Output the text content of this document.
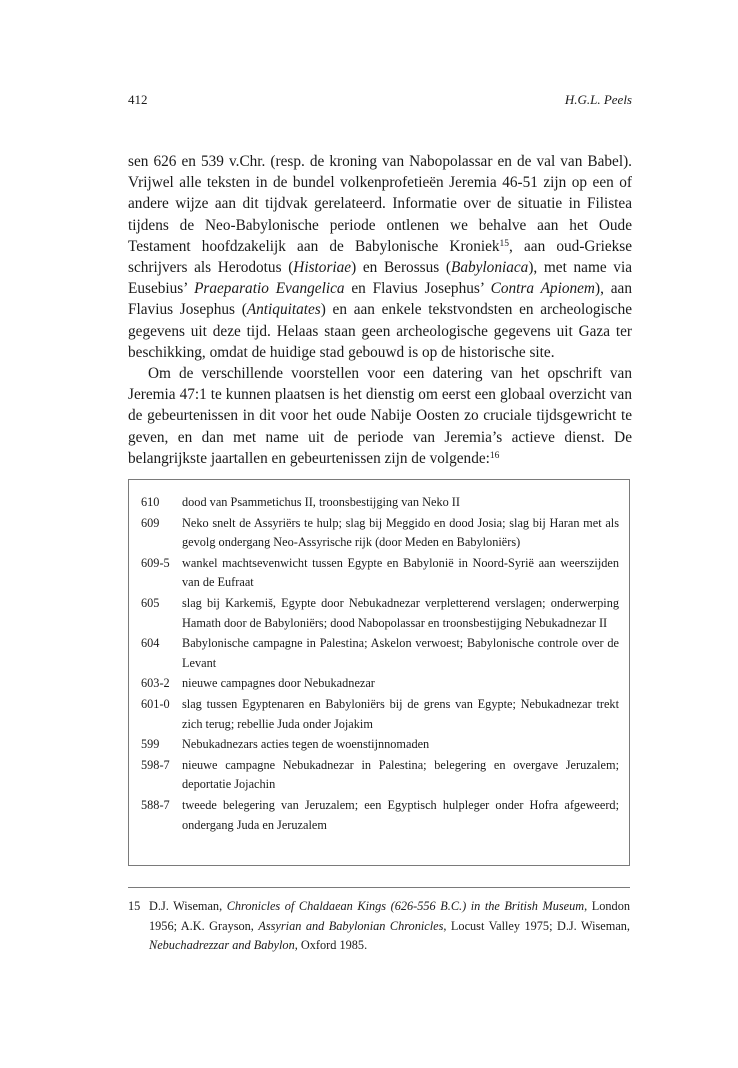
412	H.G.L. Peels

sen 626 en 539 v.Chr. (resp. de kroning van Nabopolassar en de val van Babel). Vrijwel alle teksten in de bundel volkenprofetieën Jeremia 46-51 zijn op een of andere wijze aan dit tijdvak gerelateerd. Informatie over de situatie in Filistea tijdens de Neo-Babylonische periode ontlenen we behalve aan het Oude Testament hoofdzakelijk aan de Babylonische Kroniek$^{15}$, aan oud-Griekse schrijvers als Herodotus (Historiae) en Berossus (Babyloniaca), met name via Eusebius’ Praeparatio Evangelica en Flavius Josephus’ Contra Apionem), aan Flavius Josephus (Antiquitates) en aan enkele tekstvondsten en archeologische gegevens uit deze tijd. Helaas staan geen archeologische gegevens uit Gaza ter beschikking, omdat de huidige stad gebouwd is op de historische site.

Om de verschillende voorstellen voor een datering van het opschrift van Jeremia 47:1 te kunnen plaatsen is het dienstig om eerst een globaal overzicht van de gebeurtenissen in dit voor het oude Nabije Oosten zo cruciale tijdsgewricht te geven, en dan met name uit de periode van Jeremia’s actieve dienst. De belangrijkste jaartallen en gebeurtenissen zijn de volgende:$^{16}$

610	dood van Psammetichus II, troonsbestijging van Neko II
609	Neko snelt de Assyriërs te hulp; slag bij Meggido en dood Josia; slag bij Haran met als gevolg ondergang Neo-Assyrische rijk (door Meden en Babyloniërs)
609-5 wankel machtsevenwicht tussen Egypte en Babylonië in Noord-Syrië aan weerszijden van de Eufraat
605	slag bij Karkemiš, Egypte door Nebukadnezar verpletterend verslagen; onderwerping Hamath door de Babyloniërs; dood Nabopolassar en troonsbestijging Nebukadnezar II
604	Babylonische campagne in Palestina; Askelon verwoest; Babylonische controle over de Levant
603-2 nieuwe campagnes door Nebukadnezar
601-0 slag tussen Egyptenaren en Babyloniërs bij de grens van Egypte; Nebukadnezar trekt zich terug; rebellie Juda onder Jojakim
599	Nebukadnezars acties tegen de woenstijnnomaden
598-7 nieuwe campagne Nebukadnezar in Palestina; belegering en overgave Jeruzalem; deportatie Jojachin
588-7 tweede belegering van Jeruzalem; een Egyptisch hulpleger onder Hofra afgeweerd; ondergang Juda en Jeruzalem
15 D.J. Wiseman, Chronicles of Chaldaean Kings (626-556 B.C.) in the British Museum, London 1956; A.K. Grayson, Assyrian and Babylonian Chronicles, Locust Valley 1975; D.J. Wiseman, Nebuchadrezzar and Babylon, Oxford 1985.
